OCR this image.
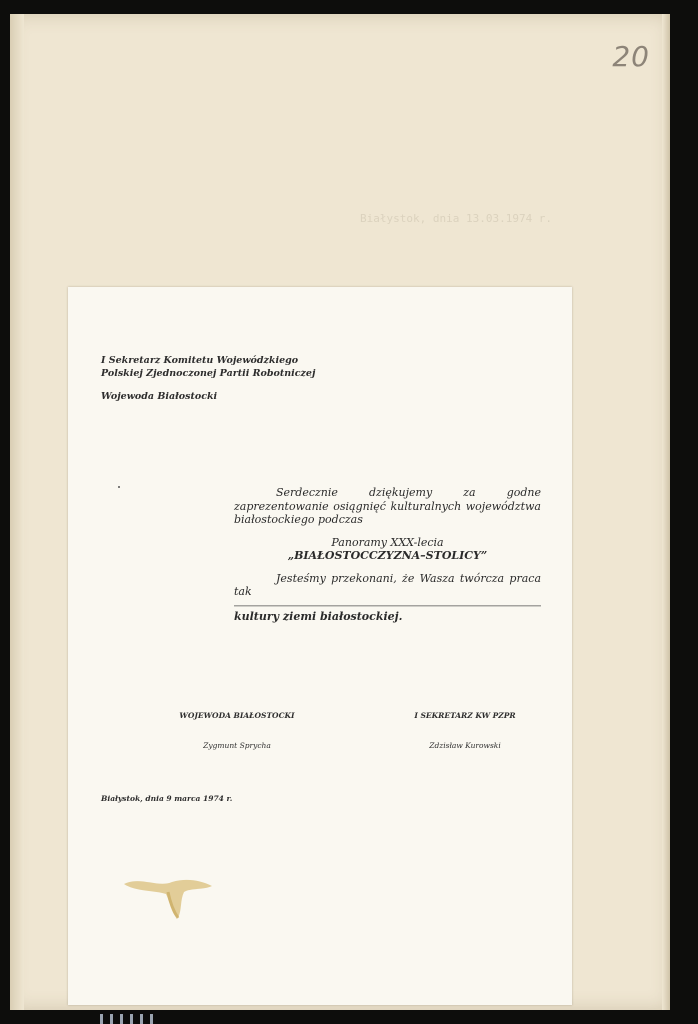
20
Białystok, dnia 13.03.1974 r.
I Sekretarz Komitetu Wojewódzkiego
Polskiej Zjednoczonej Partii Robotniczej
Wojewoda Białostocki
Serdecznie dziękujemy za godne zaprezentowanie osiągnięć kulturalnych województwa białostockiego podczas
Panoramy XXX-lecia
„BIAŁOSTOCCZYZNA–STOLICY”
Jesteśmy przekonani, że Wasza twórcza praca tak
kultury ziemi białostockiej.
WOJEWODA BIAŁOSTOCKI
Zygmunt Sprycha
I SEKRETARZ KW PZPR
Zdzisław Kurowski
Białystok, dnia 9 marca 1974 r.
